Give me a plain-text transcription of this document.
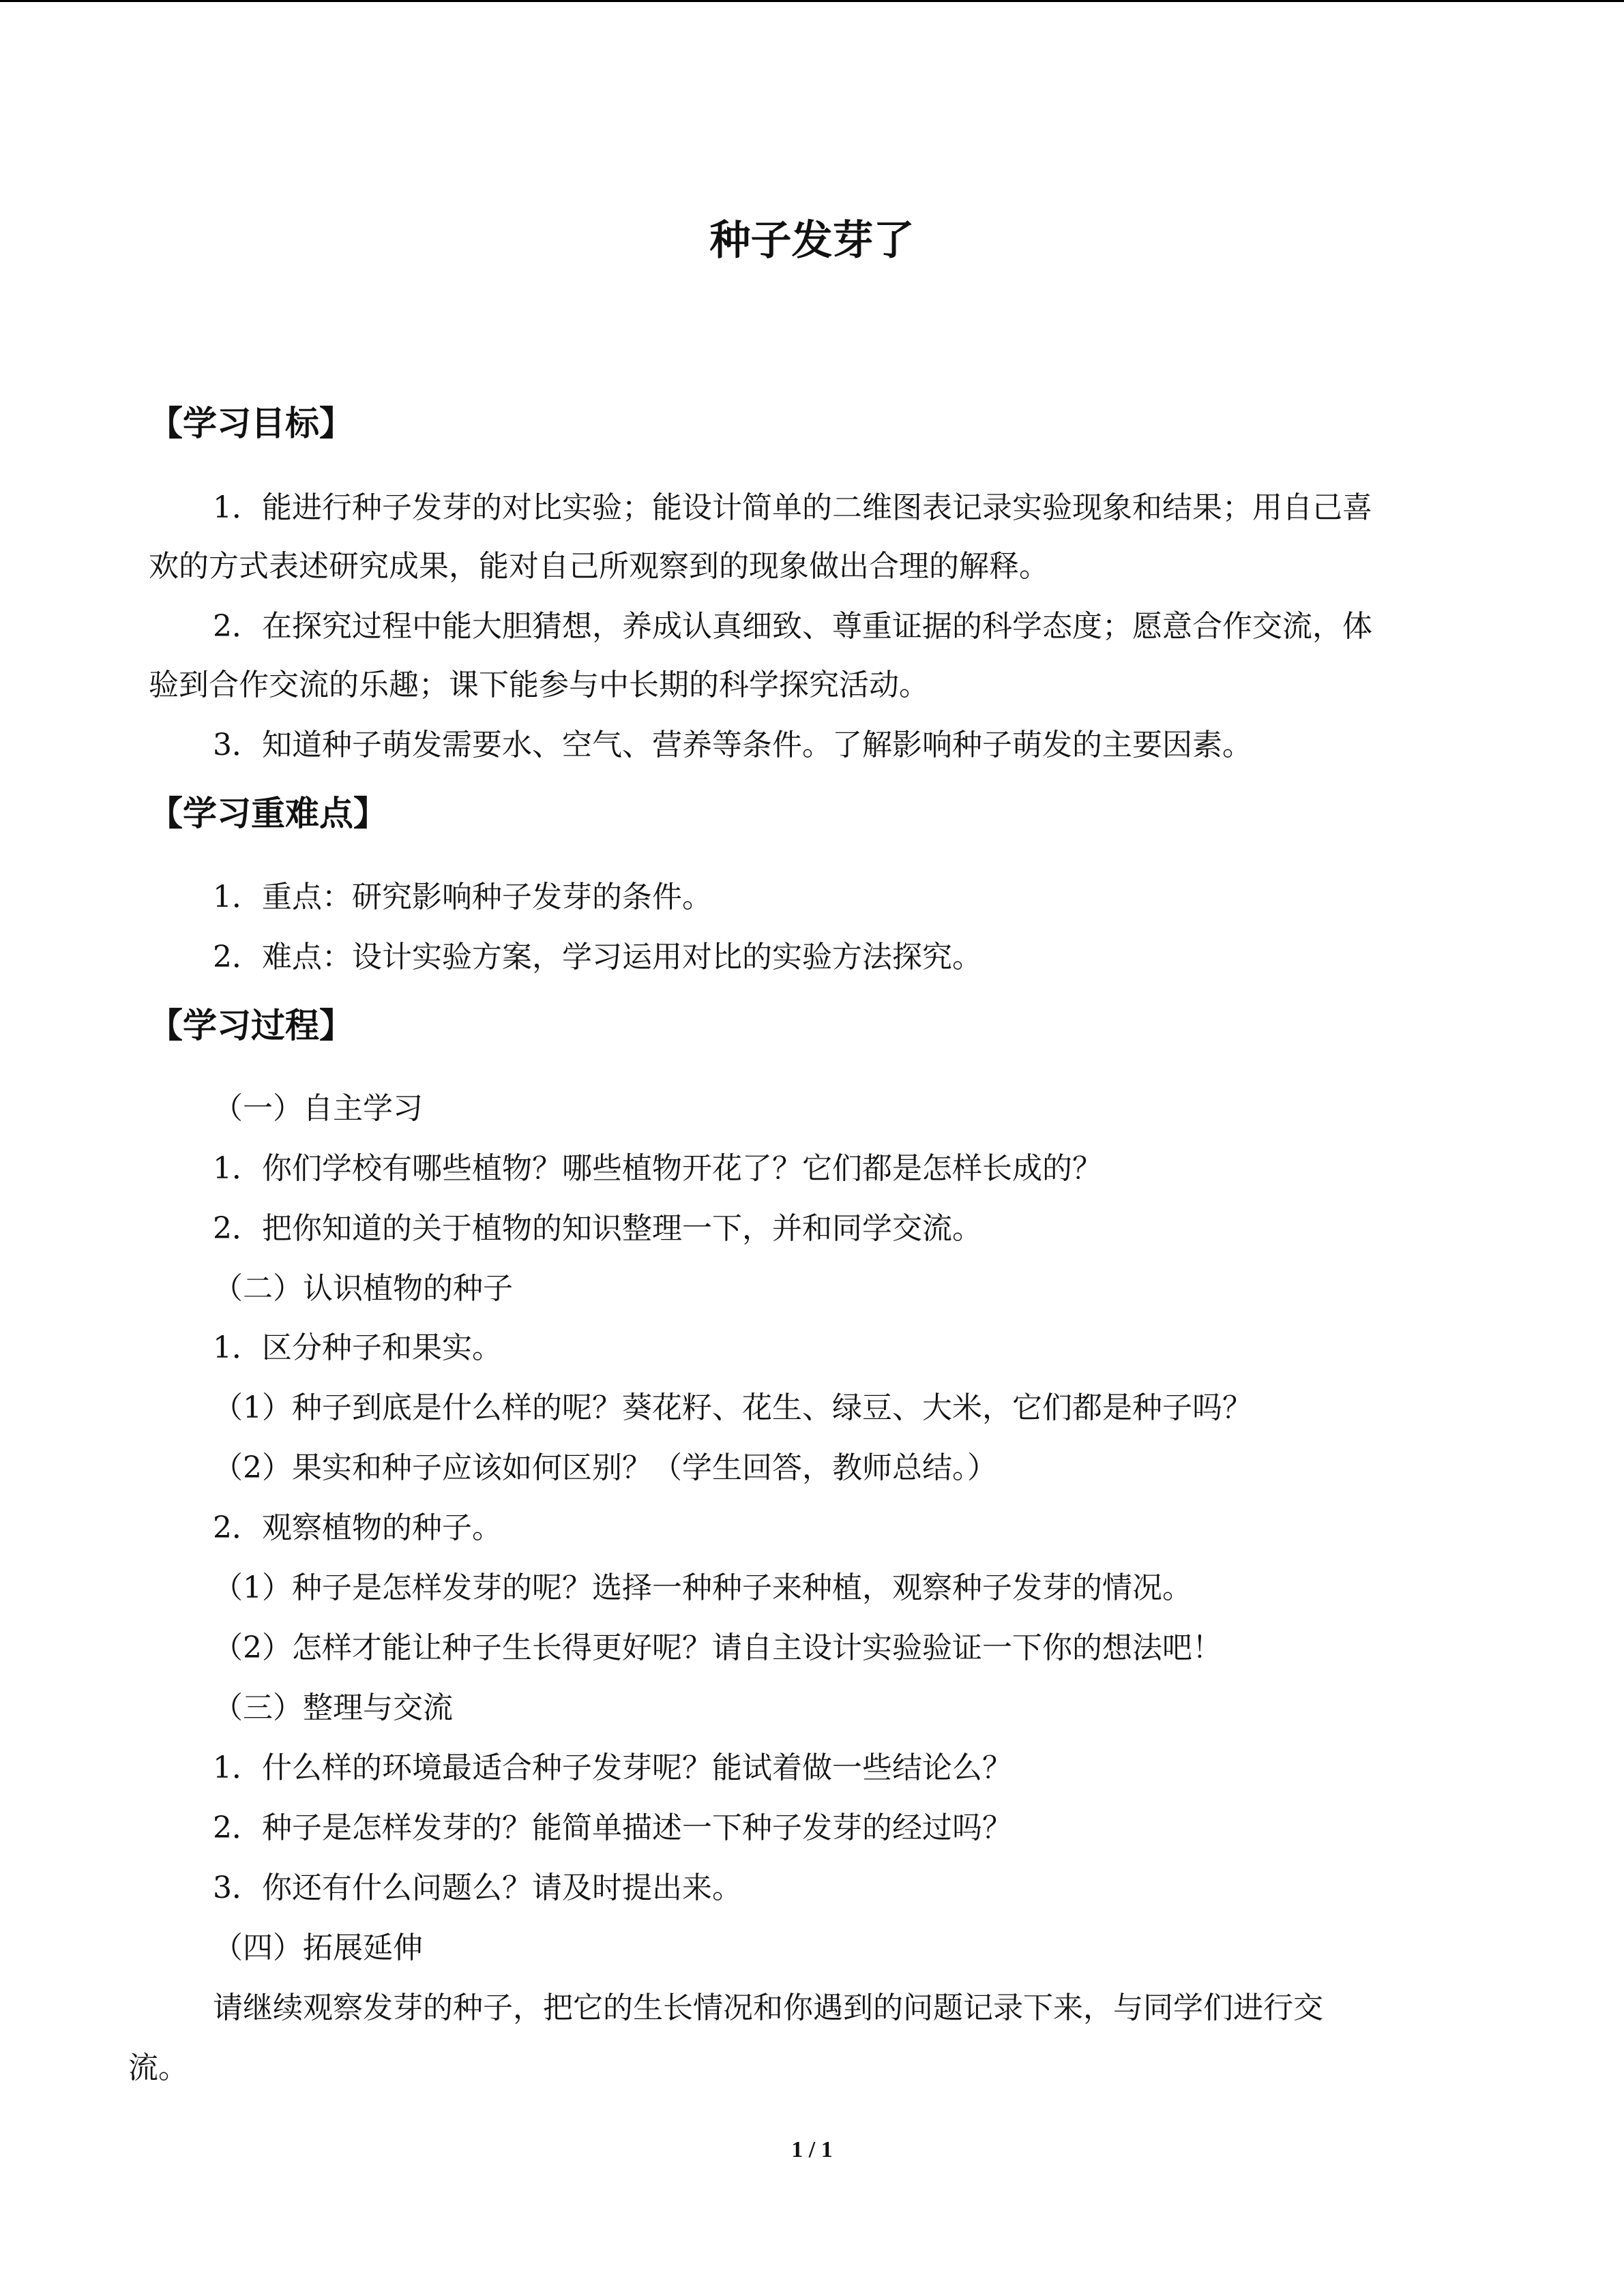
种子发芽了
【学习目标】

1．能进行种子发芽的对比实验；能设计简单的二维图表记录实验现象和结果；用自己喜

欢的方式表述研究成果，能对自己所观察到的现象做出合理的解释。

2．在探究过程中能大胆猜想，养成认真细致、尊重证据的科学态度；愿意合作交流，体

验到合作交流的乐趣；课下能参与中长期的科学探究活动。

3．知道种子萌发需要水、空气、营养等条件。了解影响种子萌发的主要因素。

【学习重难点】

1．重点：研究影响种子发芽的条件。

2．难点：设计实验方案，学习运用对比的实验方法探究。

【学习过程】

（一）自主学习

1．你们学校有哪些植物？哪些植物开花了？它们都是怎样长成的？

2．把你知道的关于植物的知识整理一下，并和同学交流。

（二）认识植物的种子

1．区分种子和果实。

（1）种子到底是什么样的呢？葵花籽、花生、绿豆、大米，它们都是种子吗？

（2）果实和种子应该如何区别？（学生回答，教师总结。）

2．观察植物的种子。

（1）种子是怎样发芽的呢？选择一种种子来种植，观察种子发芽的情况。

（2）怎样才能让种子生长得更好呢？请自主设计实验验证一下你的想法吧！

（三）整理与交流

1．什么样的环境最适合种子发芽呢？能试着做一些结论么？

2．种子是怎样发芽的？能简单描述一下种子发芽的经过吗？

3．你还有什么问题么？请及时提出来。

（四）拓展延伸

请继续观察发芽的种子，把它的生长情况和你遇到的问题记录下来，与同学们进行交

流。

1 / 1
